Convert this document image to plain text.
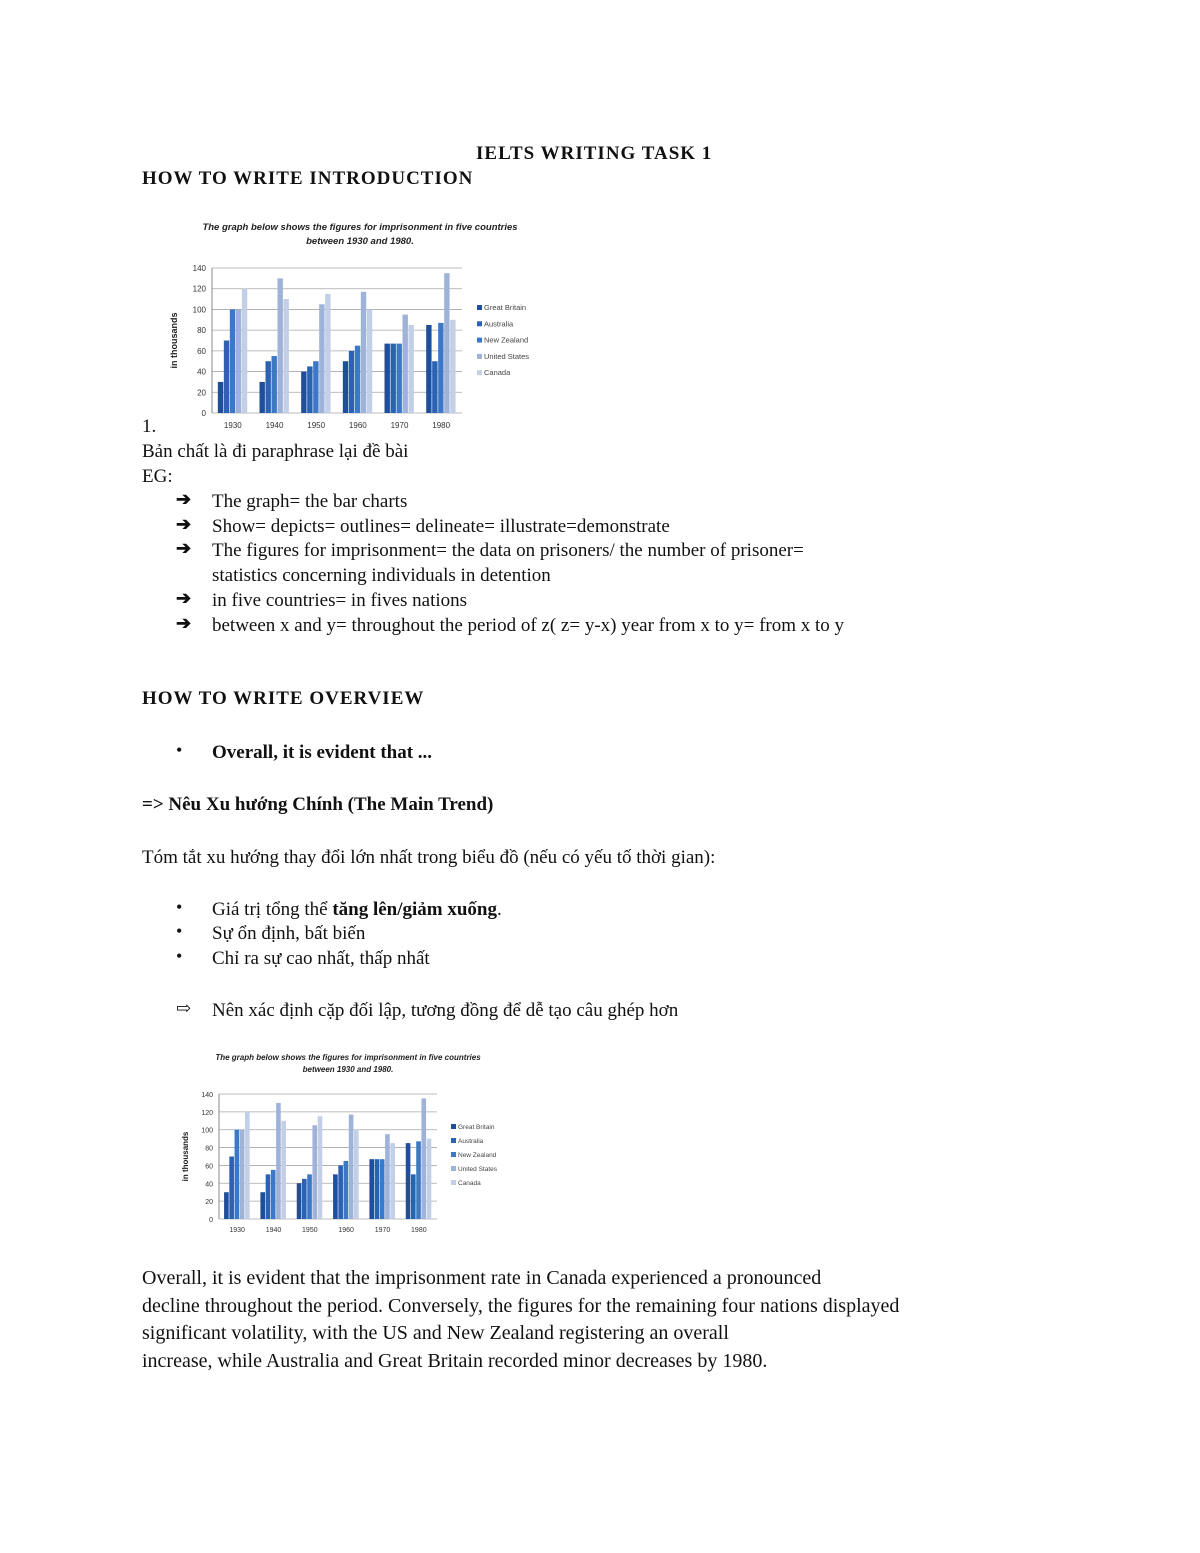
IELTS WRITING TASK 1
HOW TO WRITE INTRODUCTION
The graph below shows the figures for imprisonment in five countries
between 1930 and 1980.
0
20
40
60
80
100
120
140
in thousands
1930	1940	1950	1960	1970	1980
Great Britain
Australia
New Zealand
United States
Canada
1.
Bản chất là đi paraphrase lại đề bài
EG:
➔ The graph= the bar charts
➔ Show= depicts= outlines= delineate= illustrate=demonstrate
➔ The figures for imprisonment= the data on prisoners/ the number of prisoner=
statistics concerning individuals in detention
➔ in five countries= in fives nations
➔ between x and y= throughout the period of z( z= y-x) year from x to y= from x to y
HOW TO WRITE OVERVIEW
• Overall, it is evident that ...
=> Nêu Xu hướng Chính (The Main Trend)
Tóm tắt xu hướng thay đổi lớn nhất trong biểu đồ (nếu có yếu tố thời gian):
• Giá trị tổng thể tăng lên/giảm xuống.
• Sự ổn định, bất biến
• Chỉ ra sự cao nhất, thấp nhất
⇨ Nên xác định cặp đối lập, tương đồng để dễ tạo câu ghép hơn
The graph below shows the figures for imprisonment in five countries
between 1930 and 1980.
0
20
40
60
80
100
120
140
in thousands
1930	1940	1950	1960	1970	1980
Great Britain
Australia
New Zealand
United States
Canada
Overall, it is evident that the imprisonment rate in Canada experienced a pronounced
decline throughout the period. Conversely, the figures for the remaining four nations displayed
significant volatility, with the US and New Zealand registering an overall
increase, while Australia and Great Britain recorded minor decreases by 1980.
